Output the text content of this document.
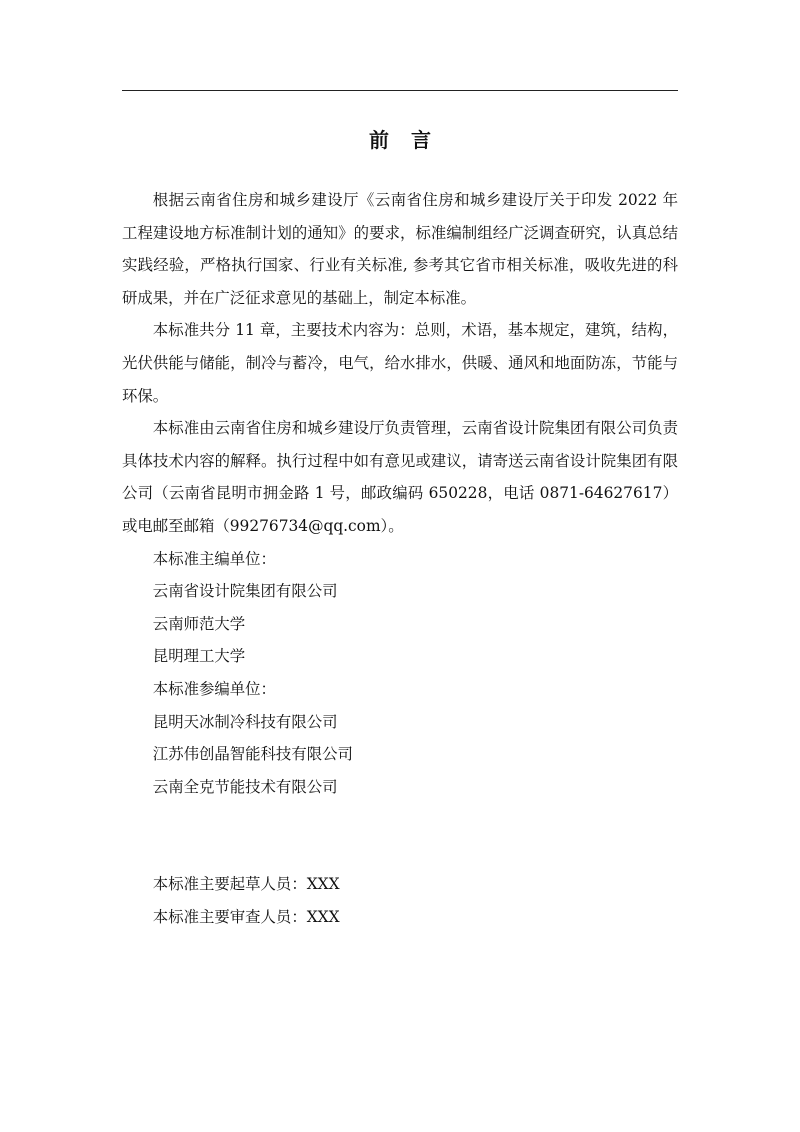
前言

根据云南省住房和城乡建设厅《云南省住房和城乡建设厅关于印发 2022 年工程建设地方标准制计划的通知》的要求，标准编制组经广泛调查研究，认真总结实践经验，严格执行国家、行业有关标准, 参考其它省市相关标准，吸收先进的科研成果，并在广泛征求意见的基础上，制定本标准。

本标准共分 11 章，主要技术内容为：总则，术语，基本规定，建筑，结构，光伏供能与储能，制冷与蓄冷，电气，给水排水，供暖、通风和地面防冻，节能与环保。

本标准由云南省住房和城乡建设厅负责管理，云南省设计院集团有限公司负责具体技术内容的解释。执行过程中如有意见或建议，请寄送云南省设计院集团有限公司（云南省昆明市拥金路 1 号，邮政编码 650228，电话 0871-64627617）或电邮至邮箱（99276734@qq.com）。

本标准主编单位：

云南省设计院集团有限公司

云南师范大学

昆明理工大学

本标准参编单位：

昆明天冰制冷科技有限公司

江苏伟创晶智能科技有限公司

云南全克节能技术有限公司

本标准主要起草人员：XXX

本标准主要审查人员：XXX
